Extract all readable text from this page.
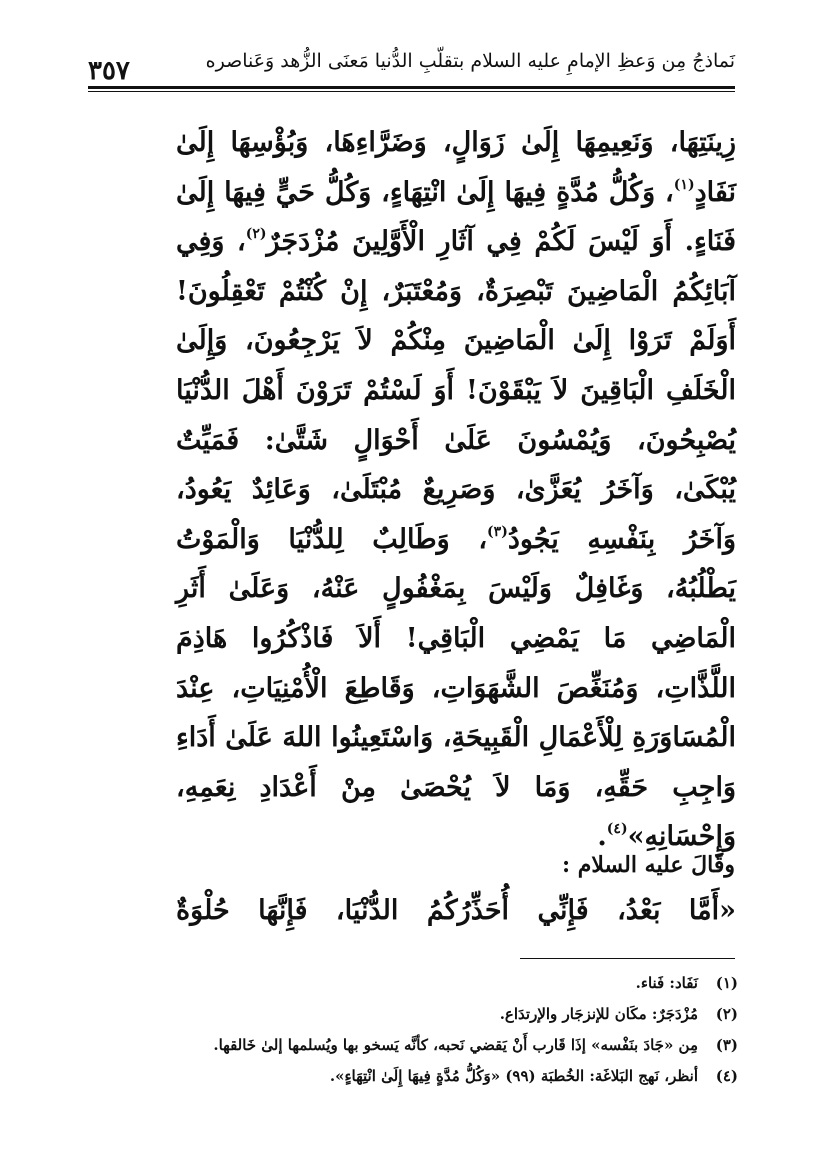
نَماذجُ مِن وَعظِ الإمامِ عليه السلام بتقلّبِ الدُّنيا مَعنَى الزُّهد وَعَناصره
٣٥٧
زِينَتِهَا، وَنَعِيمِهَا إِلَىٰ زَوَالٍ، وَضَرَّاءِهَا، وَبُؤْسِهَا إِلَىٰ
نَفَادٍ$^{(١)}$، وَكُلُّ مُدَّةٍ فِيهَا إِلَىٰ انْتِهَاءٍ، وَكُلُّ حَيٍّ فِيهَا إِلَىٰ
فَنَاءٍ. أَوَ لَيْسَ لَكُمْ فِي آثَارِ الْأَوَّلِينَ مُزْدَجَرٌ$^{(٢)}$، وَفِي
آبَائِكُمُ الْمَاضِينَ تَبْصِرَةٌ، وَمُعْتَبَرٌ، إِنْ كُنْتُمْ تَعْقِلُونَ!
أَوَلَمْ تَرَوْا إِلَىٰ الْمَاضِينَ مِنْكُمْ لاَ يَرْجِعُونَ، وَإِلَىٰ
الْخَلَفِ الْبَاقِينَ لاَ يَبْقَوْنَ! أَوَ لَسْتُمْ تَرَوْنَ أَهْلَ الدُّنْيَا
يُصْبِحُونَ، وَيُمْسُونَ عَلَىٰ أَحْوَالٍ شَتَّىٰ: فَمَيِّتٌ
يُبْكَىٰ، وَآخَرُ يُعَزَّىٰ، وَصَرِيعٌ مُبْتَلَىٰ، وَعَائِدٌ يَعُودُ،
وَآخَرُ بِنَفْسِهِ يَجُودُ$^{(٣)}$، وَطَالِبٌ لِلدُّنْيَا وَالْمَوْتُ
يَطْلُبُهُ، وَغَافِلٌ وَلَيْسَ بِمَغْفُولٍ عَنْهُ، وَعَلَىٰ أَثَرِ
الْمَاضِي مَا يَمْضِي الْبَاقِي! أَلاَ فَاذْكُرُوا هَاذِمَ
اللَّذَّاتِ، وَمُنَغِّصَ الشَّهَوَاتِ، وَقَاطِعَ الْأُمْنِيَاتِ، عِنْدَ
الْمُسَاوَرَةِ لِلْأَعْمَالِ الْقَبِيحَةِ، وَاسْتَعِينُوا اللهَ عَلَىٰ أَدَاءِ
وَاجِبِ حَقِّهِ، وَمَا لاَ يُحْصَىٰ مِنْ أَعْدَادِ نِعَمِهِ،
وَإِحْسَانِهِ»$^{(٤)}$.
وقَالَ عليه السلام :
«أَمَّا بَعْدُ، فَإِنِّي أُحَذِّرُكُمُ الدُّنْيَا، فَإِنَّهَا حُلْوَةٌ
(١)نَفَاد: فَناء.
(٢)مُزْدَجَرٌ: مكَان للإنزجَار والإرتدَاع.
(٣)مِن «جَادَ بنَفْسه» إذَا قَارب أَنْ يَقضي نَحبه، كأنَّه يَسخو بها ويُسلمها إلىٰ خَالقها.
(٤)أنظر، نَهج البَلاغَة: الخُطبَة (٩٩) «وَكُلُّ مُدَّةٍ فِيهَا إِلَىٰ انْتِهَاءٍ».
